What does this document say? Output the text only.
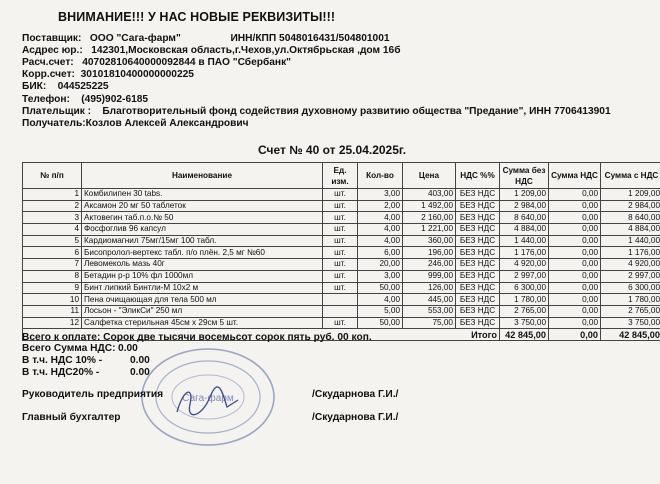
ВНИМАНИЕ!!! У НАС НОВЫЕ РЕКВИЗИТЫ!!!
Поставщик: ООО "Сага-фарм"	ИНН/КПП 5048016431/504801001
Асдрес юр.: 142301,Московская область,г.Чехов,ул.Октябрьская ,дом 16б
Расч.счет: 40702810640000092844 в ПАО "Сбербанк"
Корр.счет: 30101810400000000225
БИК: 044525225
Телефон: (495)902-6185
Плательщик : Благотворительный фонд содействия духовному развитию общества "Предание", ИНН 7706413901
Получатель:Козлов Алексей Александрович
Счет № 40 от 25.04.2025г.
№ п/п	Наименование	Ед. изм.	Кол-во	Цена	НДС %%	Сумма без НДС	Сумма НДС	Сумма с НДС
1	Комбилипен 30 tabs.	шт.	3,00	403,00	БЕЗ НДС	1 209,00	0,00	1 209,00
2	Аксамон 20 мг 50 таблеток	шт.	2,00	1 492,00	БЕЗ НДС	2 984,00	0,00	2 984,00
3	Актовегин таб.п.о.№ 50	шт.	4,00	2 160,00	БЕЗ НДС	8 640,00	0,00	8 640,00
4	Фосфоглив 96 капсул	шт.	4,00	1 221,00	БЕЗ НДС	4 884,00	0,00	4 884,00
5	Кардиомагнил 75мг/15мг 100 табл.	шт.	4,00	360,00	БЕЗ НДС	1 440,00	0,00	1 440,00
6	Бисопролол-вертекс табл. п/о плён. 2,5 мг №60	шт.	6,00	196,00	БЕЗ НДС	1 176,00	0,00	1 176,00
7	Левомеколь мазь 40г	шт.	20,00	246,00	БЕЗ НДС	4 920,00	0,00	4 920,00
8	Бетадин р-р 10% фл 1000мл	шт.	3,00	999,00	БЕЗ НДС	2 997,00	0,00	2 997,00
9	Бинт липкий Бинтли-М 10х2 м	шт.	50,00	126,00	БЕЗ НДС	6 300,00	0,00	6 300,00
10	Пена очищающая для тела 500 мл		4,00	445,00	БЕЗ НДС	1 780,00	0,00	1 780,00
11	Лосьон - "ЭликСи" 250 мл		5,00	553,00	БЕЗ НДС	2 765,00	0,00	2 765,00
12	Салфетка стерильная 45см х 29см 5 шт.	шт.	50,00	75,00	БЕЗ НДС	3 750,00	0,00	3 750,00
Итого						42 845,00	0,00	42 845,00
Всего к оплате: Сорок две тысячи восемьсот сорок пять руб. 00 коп.
Всего Сумма НДС: 0.00
В т.ч. НДС 10% -	0.00
В т.ч. НДС20% -	0.00
Сага-фарм
Руководитель предприятия	/Скударнова Г.И./
Главный бухгалтер	/Скударнова Г.И./
